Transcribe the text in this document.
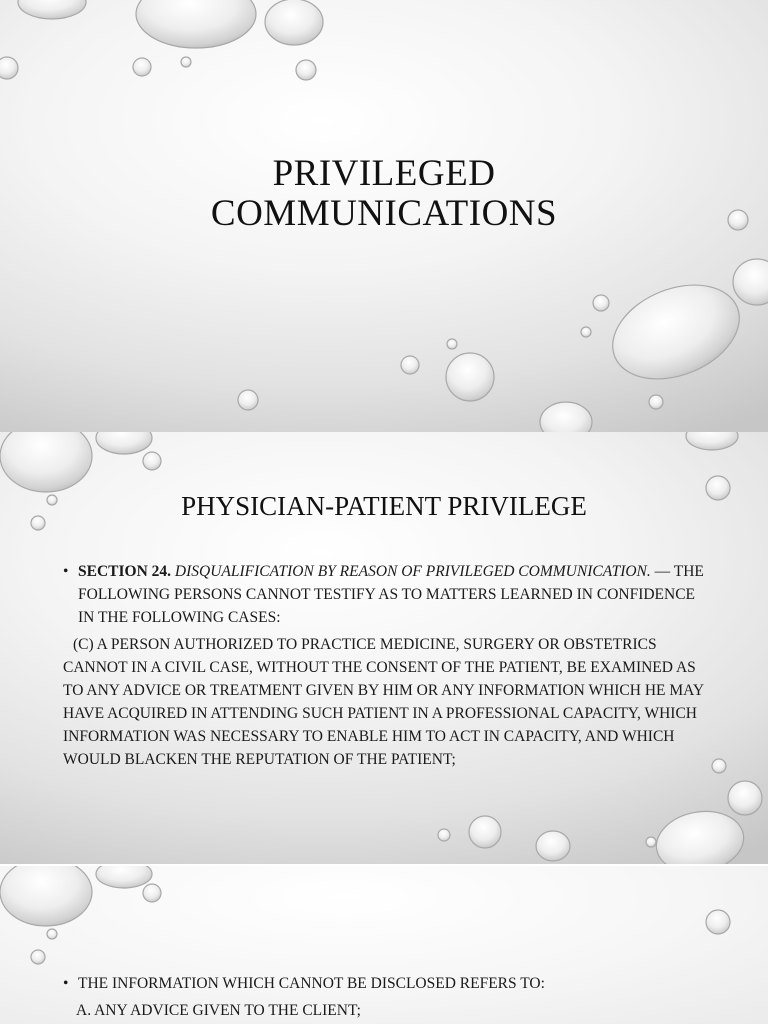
PRIVILEGED
COMMUNICATIONS
PHYSICIAN-PATIENT PRIVILEGE

• SECTION 24. DISQUALIFICATION BY REASON OF PRIVILEGED COMMUNICATION. — THE FOLLOWING PERSONS CANNOT TESTIFY AS TO MATTERS LEARNED IN CONFIDENCE IN THE FOLLOWING CASES:

(C) A PERSON AUTHORIZED TO PRACTICE MEDICINE, SURGERY OR OBSTETRICS CANNOT IN A CIVIL CASE, WITHOUT THE CONSENT OF THE PATIENT, BE EXAMINED AS TO ANY ADVICE OR TREATMENT GIVEN BY HIM OR ANY INFORMATION WHICH HE MAY HAVE ACQUIRED IN ATTENDING SUCH PATIENT IN A PROFESSIONAL CAPACITY, WHICH INFORMATION WAS NECESSARY TO ENABLE HIM TO ACT IN CAPACITY, AND WHICH WOULD BLACKEN THE REPUTATION OF THE PATIENT;

• THE INFORMATION WHICH CANNOT BE DISCLOSED REFERS TO:

A. ANY ADVICE GIVEN TO THE CLIENT;
